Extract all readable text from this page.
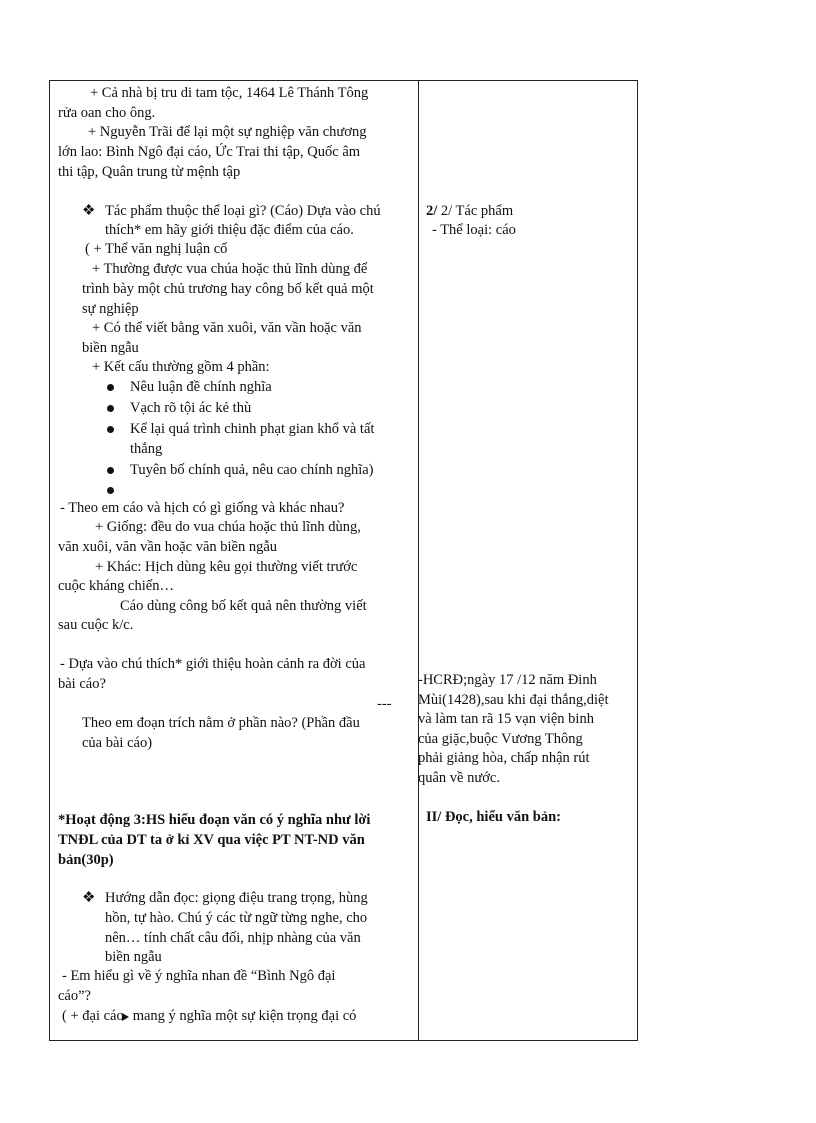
+ Cả nhà bị tru di tam tộc, 1464 Lê Thánh Tông
rửa oan cho ông.
+ Nguyễn Trãi để lại một sự nghiệp văn chương
lớn lao: Bình Ngô đại cáo, Ức Trai thi tập, Quốc âm
thi tập, Quân trung từ mệnh tập
❖ Tác phẩm thuộc thể loại gì? (Cáo) Dựa vào chú
thích* em hãy giới thiệu đặc điểm của cáo.
( + Thể văn nghị luận cổ
+ Thường được vua chúa hoặc thủ lĩnh dùng để
trình bày một chủ trương hay công bố kết quả một
sự nghiệp
+ Có thể viết bằng văn xuôi, văn vần hoặc văn
biền ngẫu
+ Kết cấu thường gồm 4 phần:
Nêu luận đề chính nghĩa
Vạch rõ tội ác kẻ thù
Kể lại quá trình chinh phạt gian khổ và tất
thắng
Tuyên bố chính quả, nêu cao chính nghĩa)
- Theo em cáo và hịch có gì giống và khác nhau?
+ Giống: đều do vua chúa hoặc thủ lĩnh dùng,
văn xuôi, văn vần hoặc văn biền ngẫu
+ Khác: Hịch dùng kêu gọi thường viết trước
cuộc kháng chiến…
Cáo dùng công bố kết quả nên thường viết
sau cuộc k/c.
- Dựa vào chú thích* giới thiệu hoàn cảnh ra đời của
bài cáo?
---
Theo em đoạn trích nằm ở phần nào? (Phần đầu
của bài cáo)
*Hoạt động 3:HS hiểu đoạn văn có ý nghĩa như lời
TNĐL của DT ta ở kỉ XV qua việc PT NT-ND văn
bản(30p)
❖ Hướng dẫn đọc: giọng điệu trang trọng, hùng
hồn, tự hào. Chú ý các từ ngữ từng nghe, cho
nên… tính chất câu đối, nhịp nhàng của văn
biền ngẫu
- Em hiểu gì về ý nghĩa nhan đề “Bình Ngô đại
cáo”?
( + đại cáo mang ý nghĩa một sự kiện trọng đại có
2/ 2/ Tác phẩm
- Thể loại: cáo
-HCRĐ;ngày 17 /12 năm Đinh
Mùi(1428),sau khi đại thắng,diệt
và làm tan rã 15 vạn viện binh
của giặc,buộc Vương Thông
phải giảng hòa, chấp nhận rút
quân về nước.
II/ Đọc, hiểu văn bản:
